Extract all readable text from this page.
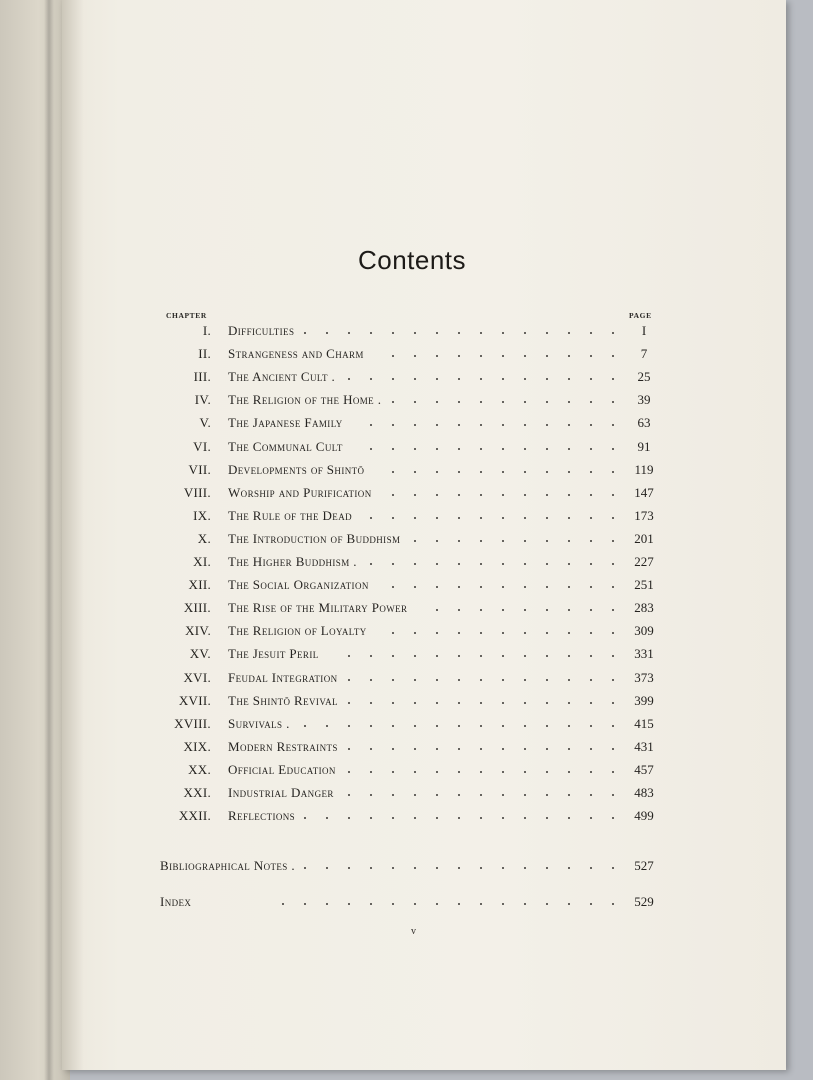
Contents
CHAPTER	PAGE
I. Difficulties	I
II. Strangeness and Charm	7
III. The Ancient Cult .	25
IV. The Religion of the Home .	39
V. The Japanese Family	63
VI. The Communal Cult	91
VII. Developments of Shintō	119
VIII. Worship and Purification	147
IX. The Rule of the Dead	173
X. The Introduction of Buddhism	201
XI. The Higher Buddhism .	227
XII. The Social Organization	251
XIII. The Rise of the Military Power	283
XIV. The Religion of Loyalty	309
XV. The Jesuit Peril	331
XVI. Feudal Integration	373
XVII. The Shintō Revival	399
XVIII. Survivals .	415
XIX. Modern Restraints	431
XX. Official Education	457
XXI. Industrial Danger	483
XXII. Reflections	499
Bibliographical Notes .	527
Index	529
v
